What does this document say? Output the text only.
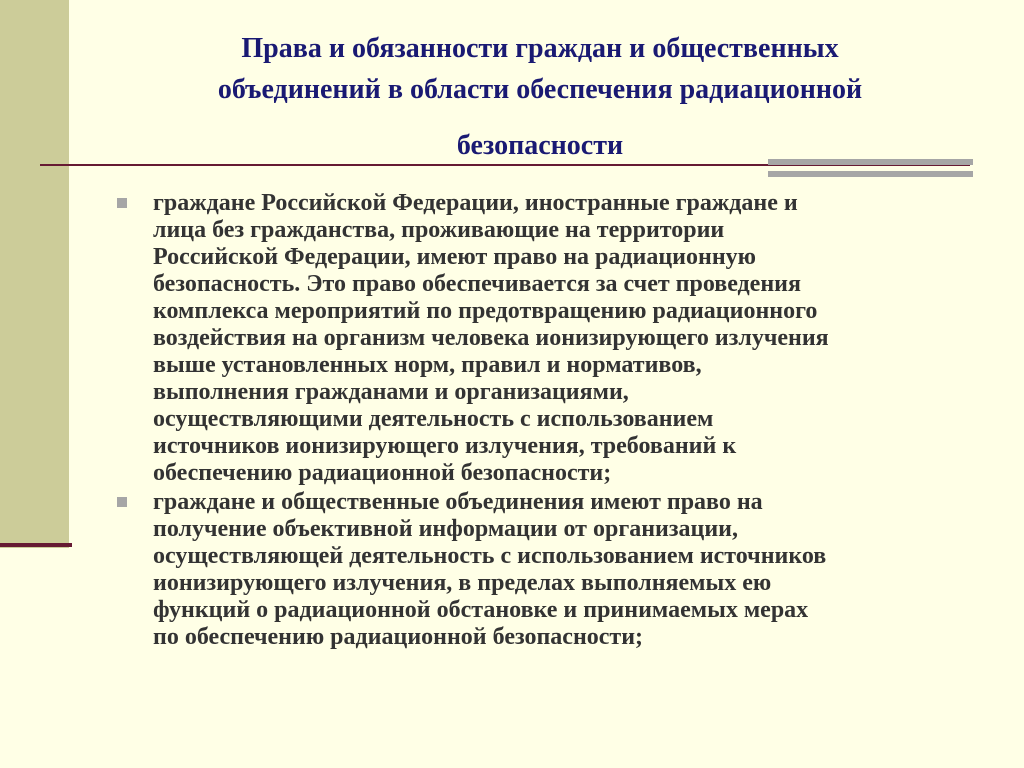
Права и обязанности граждан и общественных
объединений в области обеспечения радиационной
безопасности

граждане Российской Федерации, иностранные граждане и
лица без гражданства, проживающие на территории
Российской Федерации, имеют право на радиационную
безопасность. Это право обеспечивается за счет проведения
комплекса мероприятий по предотвращению радиационного
воздействия на организм человека ионизирующего излучения
выше установленных норм, правил и нормативов,
выполнения гражданами и организациями,
осуществляющими деятельность с использованием
источников ионизирующего излучения, требований к
обеспечению радиационной безопасности;

граждане и общественные объединения имеют право на
получение объективной информации от организации,
осуществляющей деятельность с использованием источников
ионизирующего излучения, в пределах выполняемых ею
функций о радиационной обстановке и принимаемых мерах
по обеспечению радиационной безопасности;
